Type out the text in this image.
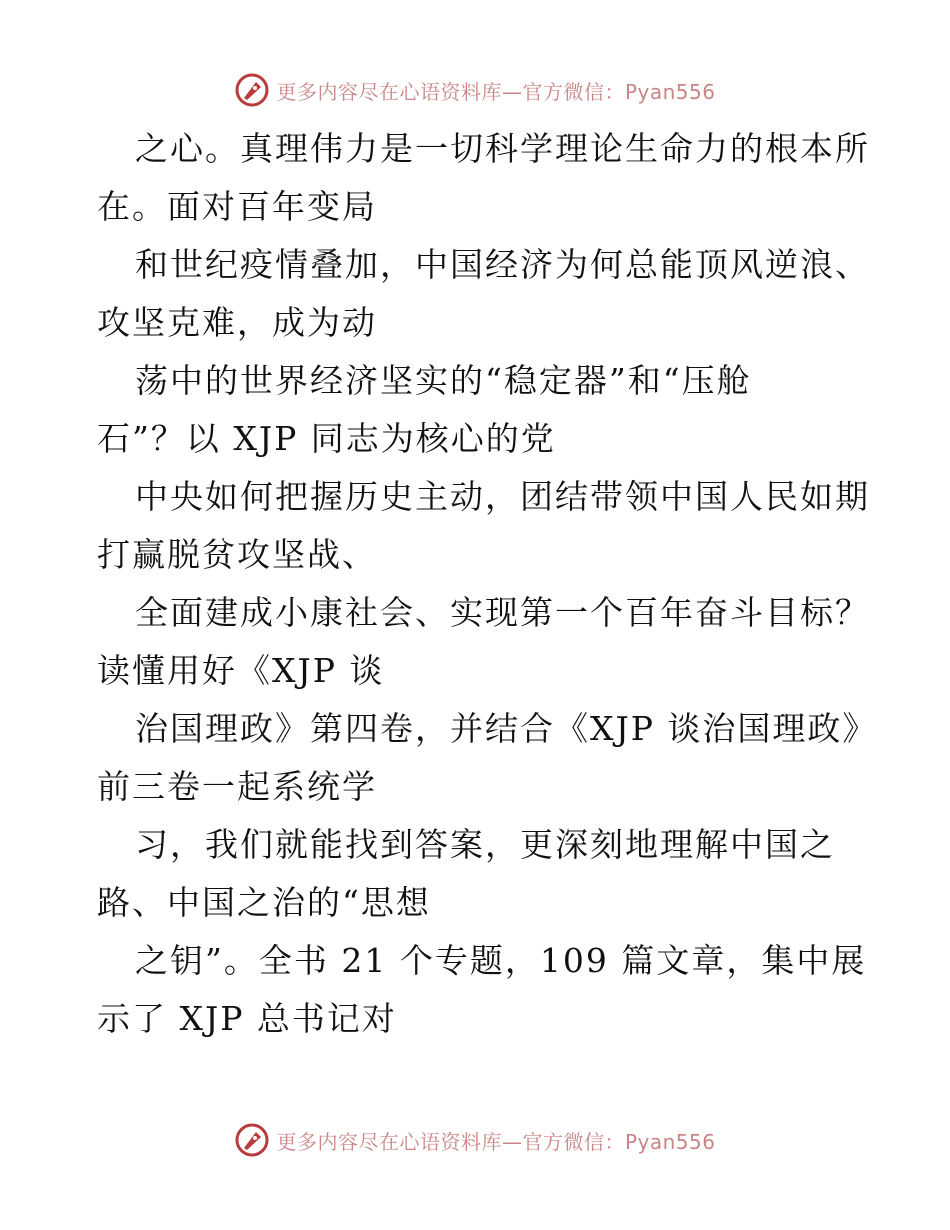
更多内容尽在心语资料库—官方微信：Pyan556
之心。真理伟力是一切科学理论生命力的根本所
在。面对百年变局
和世纪疫情叠加，中国经济为何总能顶风逆浪、
攻坚克难，成为动
荡中的世界经济坚实的“稳定器”和“压舱
石”？以 XJP 同志为核心的党
中央如何把握历史主动，团结带领中国人民如期
打赢脱贫攻坚战、
全面建成小康社会、实现第一个百年奋斗目标？
读懂用好《XJP 谈
治国理政》第四卷，并结合《XJP 谈治国理政》
前三卷一起系统学
习，我们就能找到答案，更深刻地理解中国之
路、中国之治的“思想
之钥”。全书 21 个专题，109 篇文章，集中展
示了 XJP 总书记对
更多内容尽在心语资料库—官方微信：Pyan556
